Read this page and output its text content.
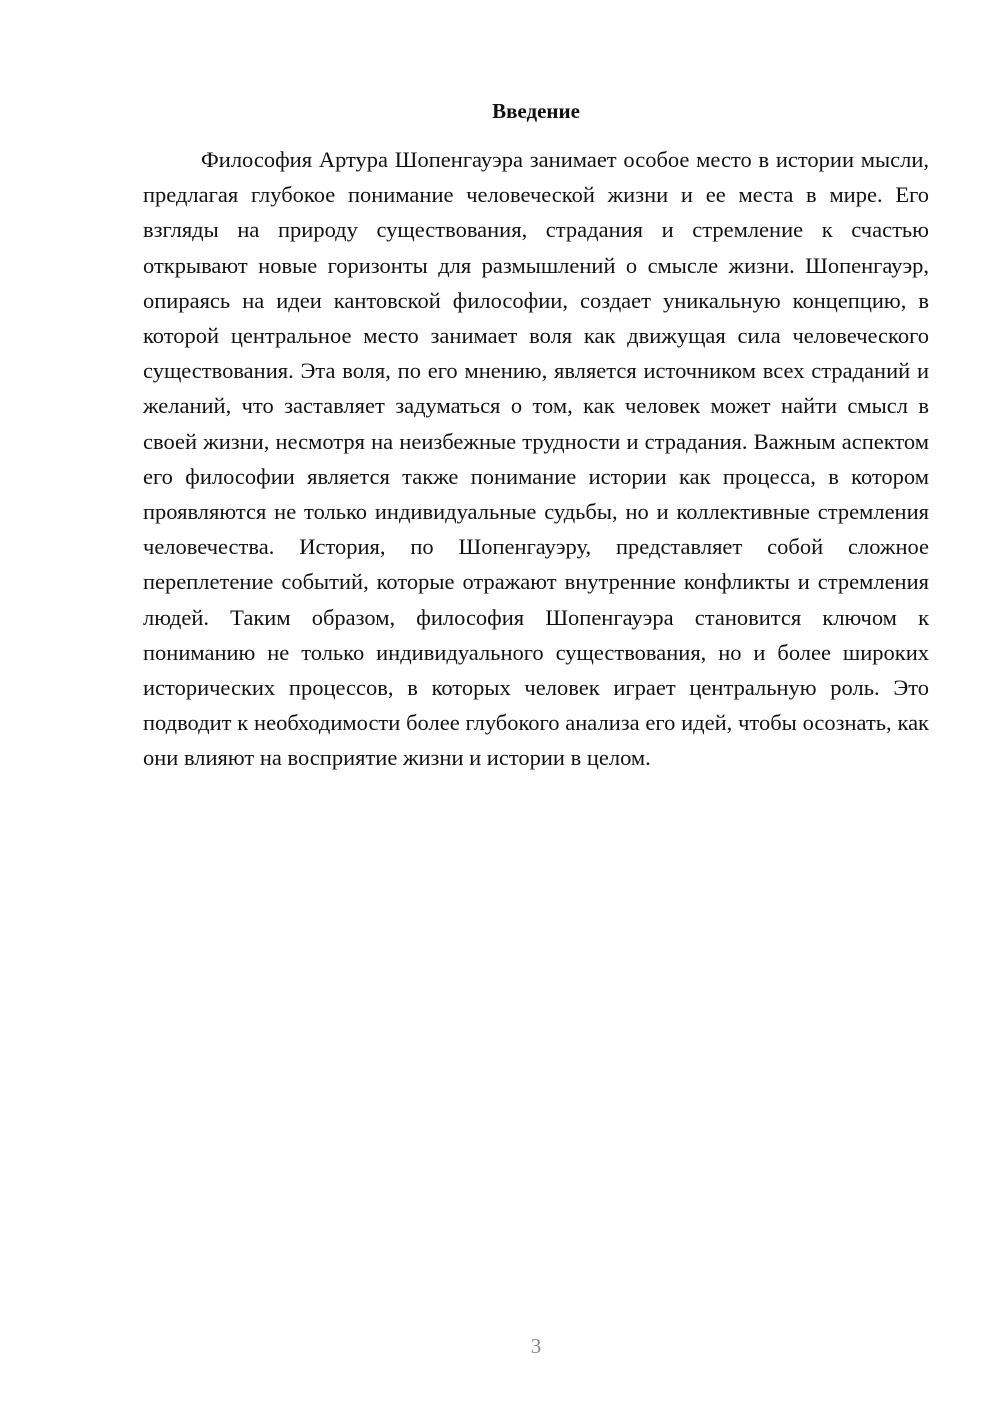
Введение

Философия Артура Шопенгауэра занимает особое место в истории мысли, предлагая глубокое понимание человеческой жизни и ее места в мире. Его взгляды на природу существования, страдания и стремление к счастью открывают новые горизонты для размышлений о смысле жизни. Шопенгауэр, опираясь на идеи кантовской философии, создает уникальную концепцию, в которой центральное место занимает воля как движущая сила человеческого существования. Эта воля, по его мнению, является источником всех страданий и желаний, что заставляет задуматься о том, как человек может найти смысл в своей жизни, несмотря на неизбежные трудности и страдания. Важным аспектом его философии является также понимание истории как процесса, в котором проявляются не только индивидуальные судьбы, но и коллективные стремления человечества. История, по Шопенгауэру, представляет собой сложное переплетение событий, которые отражают внутренние конфликты и стремления людей. Таким образом, философия Шопенгауэра становится ключом к пониманию не только индивидуального существования, но и более широких исторических процессов, в которых человек играет центральную роль. Это подводит к необходимости более глубокого анализа его идей, чтобы осознать, как они влияют на восприятие жизни и истории в целом.

3
